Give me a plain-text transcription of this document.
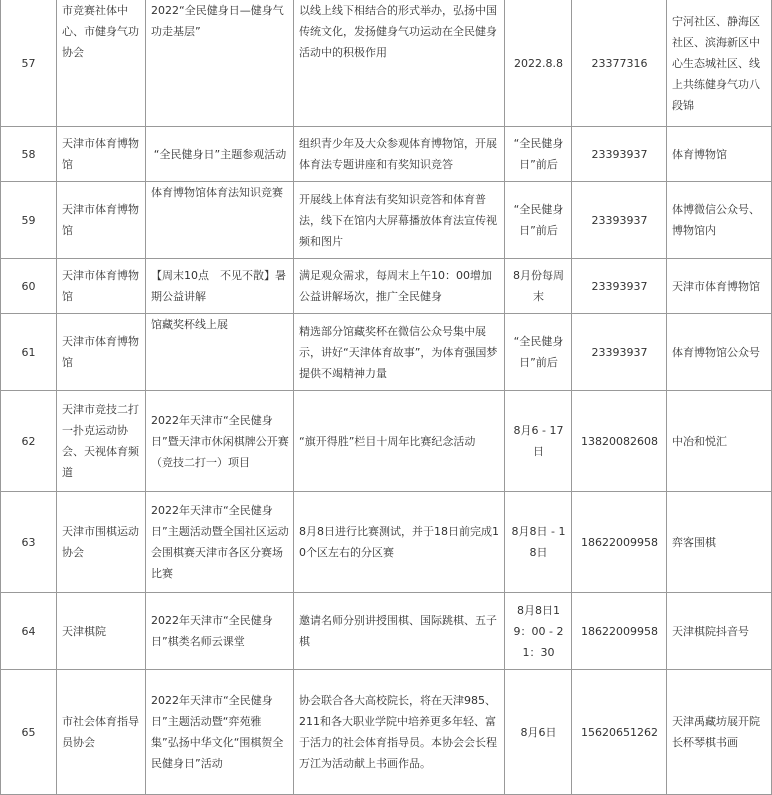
57	市竞赛社体中心、市健身气功协会	2022“全民健身日—健身气功走基层”	以线上线下相结合的形式举办，弘扬中国传统文化，发扬健身气功运动在全民健身活动中的积极作用	2022.8.8	23377316	宁河社区、静海区社区、滨海新区中心生态城社区、线上共练健身气功八段锦
58	天津市体育博物馆	“全民健身日”主题参观活动	组织青少年及大众参观体育博物馆，开展体育法专题讲座和有奖知识竞答	“全民健身日”前后	23393937	体育博物馆
59	天津市体育博物馆	体育博物馆体育法知识竞赛	开展线上体育法有奖知识竞答和体育普法，线下在馆内大屏幕播放体育法宣传视频和图片	“全民健身日”前后	23393937	体博微信公众号、博物馆内
60	天津市体育博物馆	【周末10点　不见不散】暑期公益讲解	满足观众需求，每周末上午10：00增加公益讲解场次，推广全民健身	8月份每周末	23393937	天津市体育博物馆
61	天津市体育博物馆	馆藏奖杯线上展	精选部分馆藏奖杯在微信公众号集中展示，讲好“天津体育故事”，为体育强国梦提供不竭精神力量	“全民健身日”前后	23393937	体育博物馆公众号
62	天津市竞技二打一扑克运动协会、天视体育频道	2022年天津市“全民健身日”暨天津市休闲棋牌公开赛（竞技二打一）项目	“旗开得胜”栏目十周年比赛纪念活动	8月6 - 17日	13820082608	中冶和悦汇
63	天津市围棋运动协会	2022年天津市“全民健身日”主题活动暨全国社区运动会围棋赛天津市各区分赛场比赛	8月8日进行比赛测试，并于18日前完成10个区左右的分区赛	8月8日 - 18日	18622009958	弈客围棋
64	天津棋院	2022年天津市“全民健身日”棋类名师云课堂	邀请名师分别讲授围棋、国际跳棋、五子棋	8月8日19：00 - 21：30	18622009958	天津棋院抖音号
65	市社会体育指导员协会	2022年天津市“全民健身日”主题活动暨“弈苑雅集”弘扬中华文化“围棋贺全民健身日”活动	协会联合各大高校院长，将在天津985、211和各大职业学院中培养更多年轻、富于活力的社会体育指导员。本协会会长程万江为活动献上书画作品。	8月6日	15620651262	天津禹藏坊展开院长杯琴棋书画
